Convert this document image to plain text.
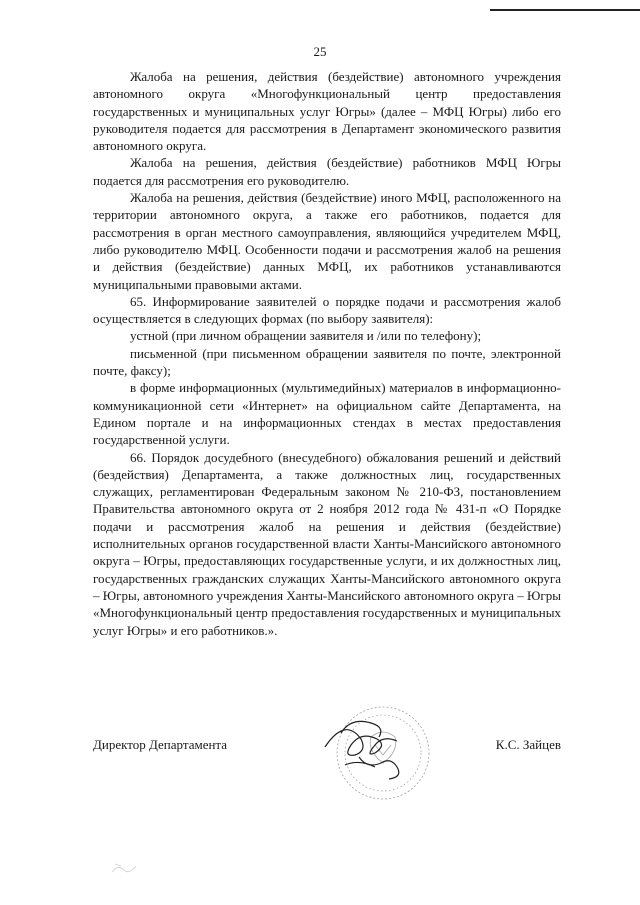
25

Жалоба на решения, действия (бездействие) автономного учреждения автономного округа «Многофункциональный центр предоставления государственных и муниципальных услуг Югры» (далее – МФЦ Югры) либо его руководителя подается для рассмотрения в Департамент экономического развития автономного округа.

Жалоба на решения, действия (бездействие) работников МФЦ Югры подается для рассмотрения его руководителю.

Жалоба на решения, действия (бездействие) иного МФЦ, расположенного на территории автономного округа, а также его работников, подается для рассмотрения в орган местного самоуправления, являющийся учредителем МФЦ, либо руководителю МФЦ. Особенности подачи и рассмотрения жалоб на решения и действия (бездействие) данных МФЦ, их работников устанавливаются муниципальными правовыми актами.

65. Информирование заявителей о порядке подачи и рассмотрения жалоб осуществляется в следующих формах (по выбору заявителя):

устной (при личном обращении заявителя и /или по телефону);

письменной (при письменном обращении заявителя по почте, электронной почте, факсу);

в форме информационных (мультимедийных) материалов в информационно-коммуникационной сети «Интернет» на официальном сайте Департамента, на Едином портале и на информационных стендах в местах предоставления государственной услуги.

66. Порядок досудебного (внесудебного) обжалования решений и действий (бездействия) Департамента, а также должностных лиц, государственных служащих, регламентирован Федеральным законом № 210-ФЗ, постановлением Правительства автономного округа от 2 ноября 2012 года № 431-п «О Порядке подачи и рассмотрения жалоб на решения и действия (бездействие) исполнительных органов государственной власти Ханты-Мансийского автономного округа – Югры, предоставляющих государственные услуги, и их должностных лиц, государственных гражданских служащих Ханты-Мансийского автономного округа – Югры, автономного учреждения Ханты-Мансийского автономного округа – Югры «Многофункциональный центр предоставления государственных и муниципальных услуг Югры» и его работников.».

Директор Департамента	К.С. Зайцев
